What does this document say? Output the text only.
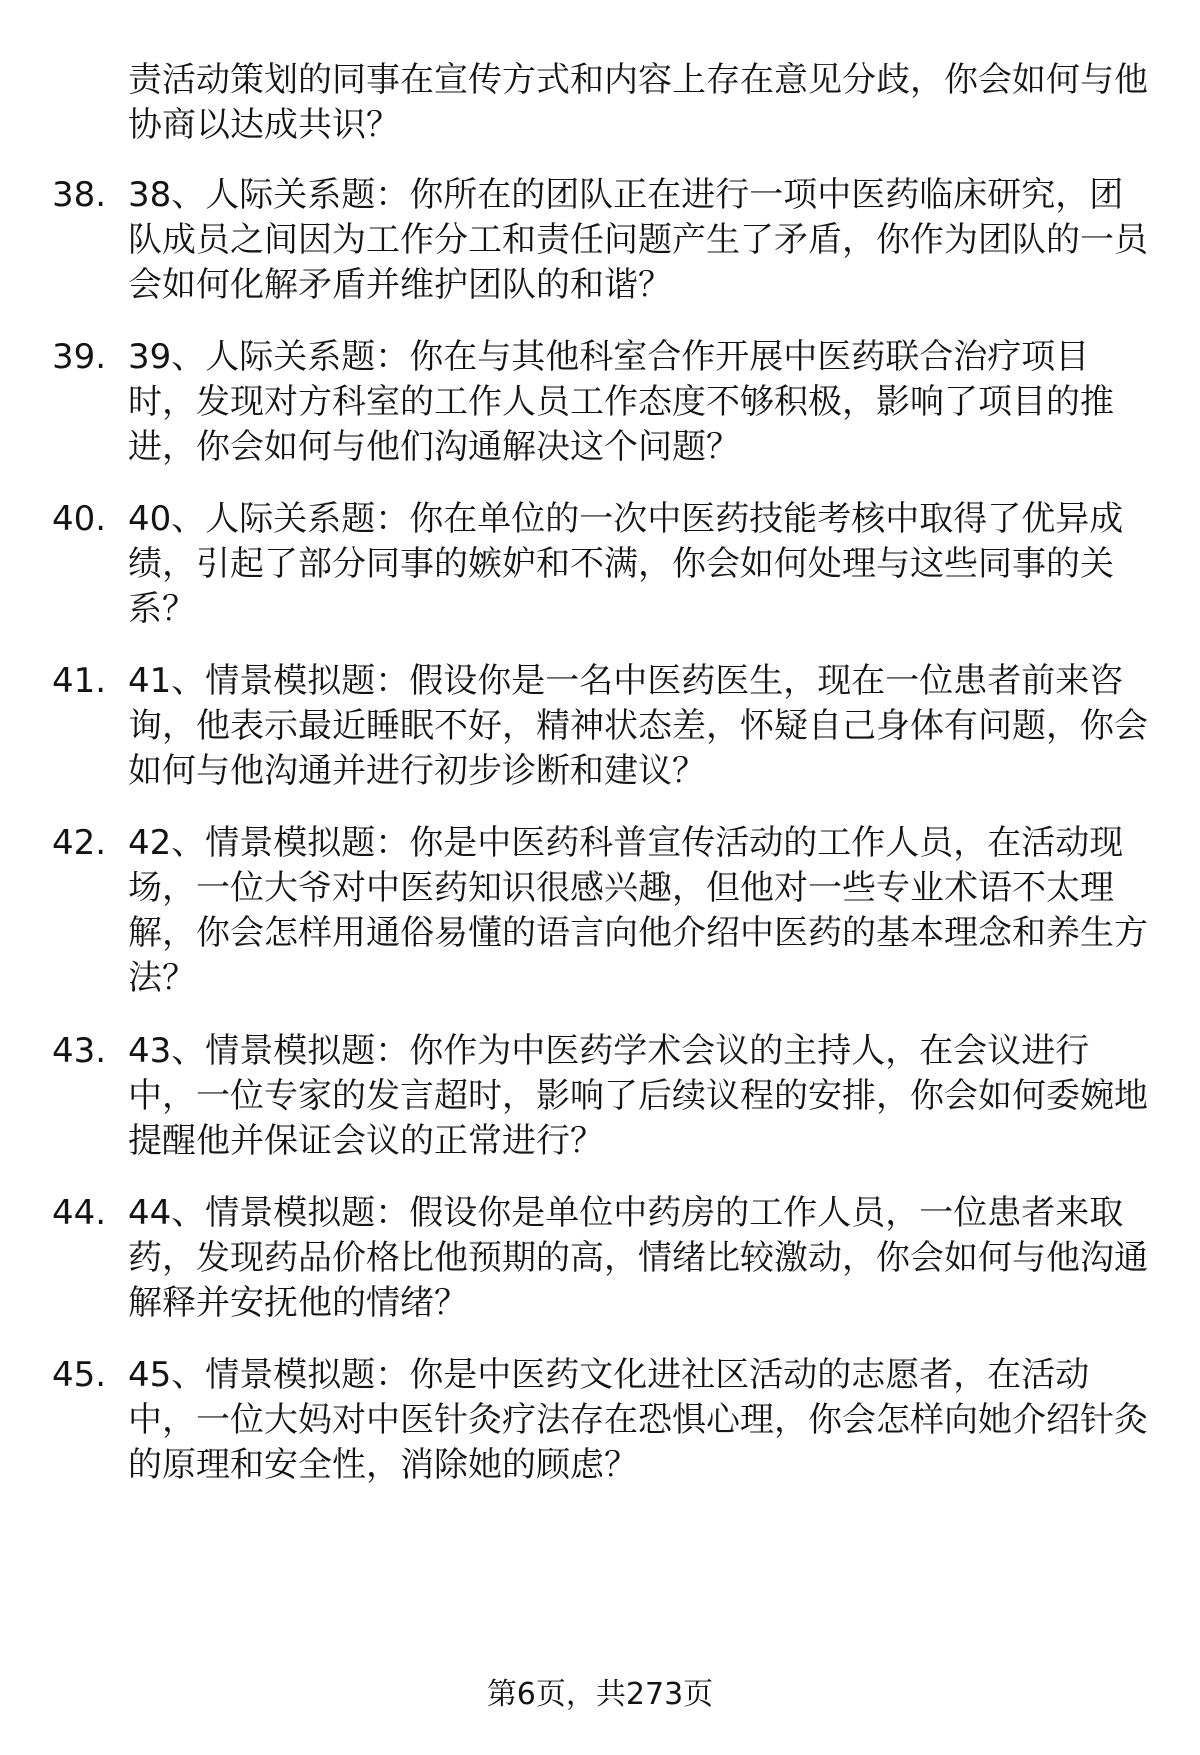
责活动策划的同事在宣传方式和内容上存在意见分歧，你会如何与他协商以达成共识？
38. 38、人际关系题：你所在的团队正在进行一项中医药临床研究，团队成员之间因为工作分工和责任问题产生了矛盾，你作为团队的一员会如何化解矛盾并维护团队的和谐？
39. 39、人际关系题：你在与其他科室合作开展中医药联合治疗项目时，发现对方科室的工作人员工作态度不够积极，影响了项目的推进，你会如何与他们沟通解决这个问题？
40. 40、人际关系题：你在单位的一次中医药技能考核中取得了优异成绩，引起了部分同事的嫉妒和不满，你会如何处理与这些同事的关系？
41. 41、情景模拟题：假设你是一名中医药医生，现在一位患者前来咨询，他表示最近睡眠不好，精神状态差，怀疑自己身体有问题，你会如何与他沟通并进行初步诊断和建议？
42. 42、情景模拟题：你是中医药科普宣传活动的工作人员，在活动现场，一位大爷对中医药知识很感兴趣，但他对一些专业术语不太理解，你会怎样用通俗易懂的语言向他介绍中医药的基本理念和养生方法？
43. 43、情景模拟题：你作为中医药学术会议的主持人，在会议进行中，一位专家的发言超时，影响了后续议程的安排，你会如何委婉地提醒他并保证会议的正常进行？
44. 44、情景模拟题：假设你是单位中药房的工作人员，一位患者来取药，发现药品价格比他预期的高，情绪比较激动，你会如何与他沟通解释并安抚他的情绪？
45. 45、情景模拟题：你是中医药文化进社区活动的志愿者，在活动中，一位大妈对中医针灸疗法存在恐惧心理，你会怎样向她介绍针灸的原理和安全性，消除她的顾虑？
第6页，共273页
